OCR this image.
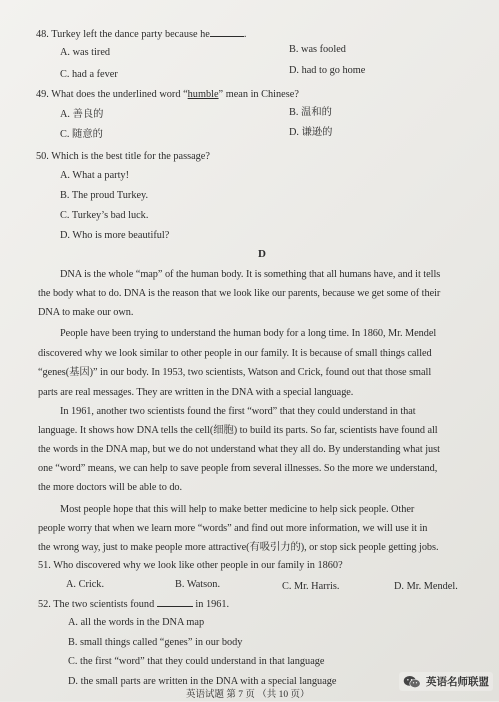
48. Turkey left the dance party because he	.
A. was tired	B. was fooled
C. had a fever	D. had to go home
49. What does the underlined word “humble” mean in Chinese?
A. 善良的	B. 温和的
C. 随意的	D. 谦逊的
50. Which is the best title for the passage?
A. What a party!
B. The proud Turkey.
C. Turkey’s bad luck.
D. Who is more beautiful?
D
DNA is the whole “map” of the human body. It is something that all humans have, and it tells
the body what to do. DNA is the reason that we look like our parents, because we get some of their
DNA to make our own.
People have been trying to understand the human body for a long time. In 1860, Mr. Mendel
discovered why we look similar to other people in our family. It is because of small things called
“genes(基因)” in our body. In 1953, two scientists, Watson and Crick, found out that those small
parts are real messages. They are written in the DNA with a special language.
In 1961, another two scientists found the first “word” that they could understand in that
language. It shows how DNA tells the cell(细胞) to build its parts. So far, scientists have found all
the words in the DNA map, but we do not understand what they all do. By understanding what just
one “word” means, we can help to save people from several illnesses. So the more we understand,
the more doctors will be able to do.
Most people hope that this will help to make better medicine to help sick people. Other
people worry that when we learn more “words” and find out more information, we will use it in
the wrong way, just to make people more attractive(有吸引力的), or stop sick people getting jobs.
51. Who discovered why we look like other people in our family in 1860?
A. Crick.	B. Watson.	C. Mr. Harris.	D. Mr. Mendel.
52. The two scientists found	in 1961.
A. all the words in the DNA map
B. small things called “genes” in our body
C. the first “word” that they could understand in that language
D. the small parts are written in the DNA with a special language
英语试题 第 7 页 （共 10 页）
英语名师联盟
